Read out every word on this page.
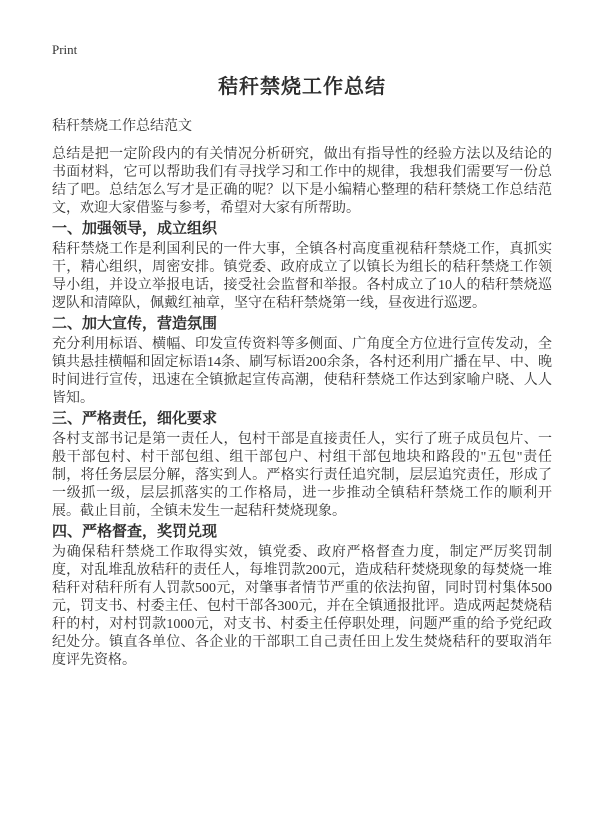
Print
秸秆禁烧工作总结
秸秆禁烧工作总结范文

总结是把一定阶段内的有关情况分析研究，做出有指导性的经验方法以及结论的书面材料，它可以帮助我们有寻找学习和工作中的规律，我想我们需要写一份总结了吧。总结怎么写才是正确的呢？以下是小编精心整理的秸秆禁烧工作总结范文，欢迎大家借鉴与参考，希望对大家有所帮助。

一、加强领导，成立组织

秸秆禁烧工作是利国利民的一件大事，全镇各村高度重视秸秆禁烧工作，真抓实干，精心组织，周密安排。镇党委、政府成立了以镇长为组长的秸秆禁烧工作领导小组，并设立举报电话，接受社会监督和举报。各村成立了10人的秸秆禁烧巡逻队和清障队，佩戴红袖章，坚守在秸秆禁烧第一线，昼夜进行巡逻。

二、加大宣传，营造氛围

充分利用标语、横幅、印发宣传资料等多侧面、广角度全方位进行宣传发动，全镇共悬挂横幅和固定标语14条、刷写标语200余条，各村还利用广播在早、中、晚时间进行宣传，迅速在全镇掀起宣传高潮，使秸秆禁烧工作达到家喻户晓、人人皆知。

三、严格责任，细化要求

各村支部书记是第一责任人，包村干部是直接责任人，实行了班子成员包片、一般干部包村、村干部包组、组干部包户、村组干部包地块和路段的"五包"责任制，将任务层层分解，落实到人。严格实行责任追究制，层层追究责任，形成了一级抓一级，层层抓落实的工作格局，进一步推动全镇秸秆禁烧工作的顺利开展。截止目前，全镇未发生一起秸秆焚烧现象。

四、严格督查，奖罚兑现

为确保秸秆禁烧工作取得实效，镇党委、政府严格督查力度，制定严厉奖罚制度，对乱堆乱放秸秆的责任人，每堆罚款200元，造成秸秆焚烧现象的每焚烧一堆秸秆对秸秆所有人罚款500元，对肇事者情节严重的依法拘留，同时罚村集体500元，罚支书、村委主任、包村干部各300元，并在全镇通报批评。造成两起焚烧秸秆的村，对村罚款1000元，对支书、村委主任停职处理，问题严重的给予党纪政纪处分。镇直各单位、各企业的干部职工自己责任田上发生焚烧秸秆的要取消年度评先资格。
